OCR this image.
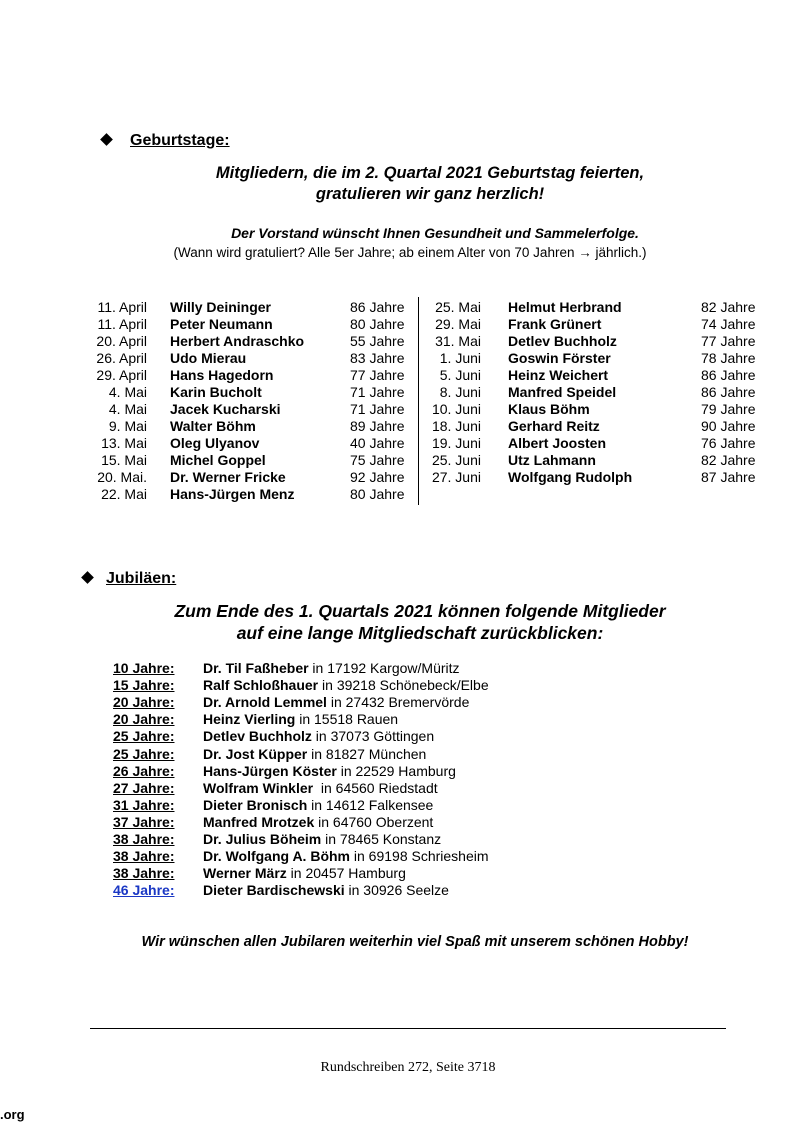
Geburtstage:
Mitgliedern, die im 2. Quartal 2021 Geburtstag feierten,
gratulieren wir ganz herzlich!
Der Vorstand wünscht Ihnen Gesundheit und Sammelerfolge.
(Wann wird gratuliert? Alle 5er Jahre; ab einem Alter von 70 Jahren → jährlich.)
11. April Willy Deininger	86 Jahre
11. April Peter Neumann	80 Jahre
20. April Herbert Andraschko	55 Jahre
26. April Udo Mierau	83 Jahre
29. April Hans Hagedorn	77 Jahre
4. Mai Karin Bucholt	71 Jahre
4. Mai Jacek Kucharski	71 Jahre
9. Mai Walter Böhm	89 Jahre
13. Mai Oleg Ulyanov	40 Jahre
15. Mai Michel Goppel	75 Jahre
20. Mai. Dr. Werner Fricke	92 Jahre
22. Mai Hans-Jürgen Menz	80 Jahre
25. Mai Helmut Herbrand	82 Jahre
29. Mai Frank Grünert	74 Jahre
31. Mai Detlev Buchholz	77 Jahre
1. Juni Goswin Förster	78 Jahre
5. Juni Heinz Weichert	86 Jahre
8. Juni Manfred Speidel	86 Jahre
10. Juni Klaus Böhm	79 Jahre
18. Juni Gerhard Reitz	90 Jahre
19. Juni Albert Joosten	76 Jahre
25. Juni Utz Lahmann	82 Jahre
27. Juni Wolfgang Rudolph	87 Jahre
Jubiläen:
Zum Ende des 1. Quartals 2021 können folgende Mitglieder
auf eine lange Mitgliedschaft zurückblicken:
10 Jahre: Dr. Til Faßheber in 17192 Kargow/Müritz
15 Jahre: Ralf Schloßhauer in 39218 Schönebeck/Elbe
20 Jahre: Dr. Arnold Lemmel in 27432 Bremervörde
20 Jahre: Heinz Vierling in 15518 Rauen
25 Jahre: Detlev Buchholz in 37073 Göttingen
25 Jahre: Dr. Jost Küpper in 81827 München
26 Jahre: Hans-Jürgen Köster in 22529 Hamburg
27 Jahre: Wolfram Winkler  in 64560 Riedstadt
31 Jahre: Dieter Bronisch in 14612 Falkensee
37 Jahre: Manfred Mrotzek in 64760 Oberzent
38 Jahre: Dr. Julius Böheim in 78465 Konstanz
38 Jahre: Dr. Wolfgang A. Böhm in 69198 Schriesheim
38 Jahre: Werner März in 20457 Hamburg
46 Jahre: Dieter Bardischewski in 30926 Seelze
Wir wünschen allen Jubilaren weiterhin viel Spaß mit unserem schönen Hobby!
Rundschreiben 272, Seite 3718
.org
